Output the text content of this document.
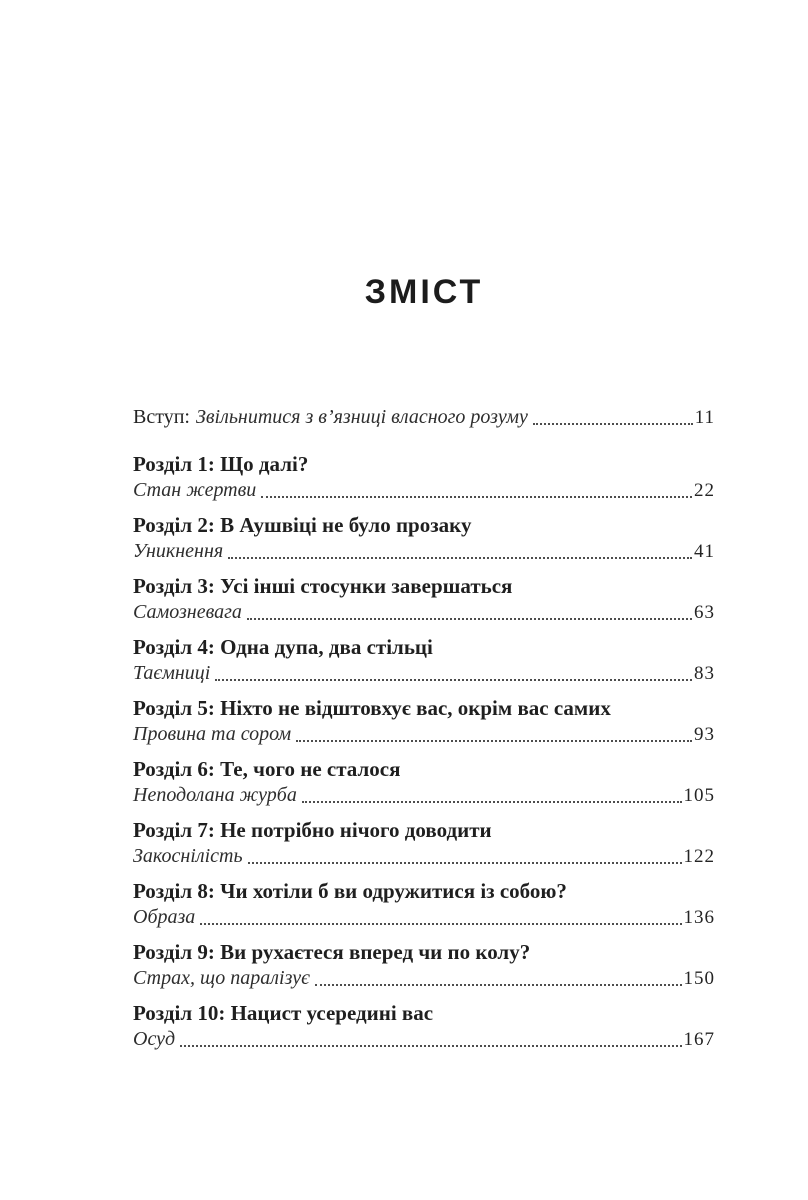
ЗМІСТ
Вступ: Звільнитися з в’язниці власного розуму	11
Розділ 1: Що далі?
Стан жертви	22
Розділ 2: В Аушвіці не було прозаку
Уникнення	41
Розділ 3: Усі інші стосунки завершаться
Самозневага	63
Розділ 4: Одна дупа, два стільці
Таємниці	83
Розділ 5: Ніхто не відштовхує вас, окрім вас самих
Провина та сором	93
Розділ 6: Те, чого не сталося
Неподолана журба	105
Розділ 7: Не потрібно нічого доводити
Закоснілість	122
Розділ 8: Чи хотіли б ви одружитися із собою?
Образа	136
Розділ 9: Ви рухаєтеся вперед чи по колу?
Страх, що паралізує	150
Розділ 10: Нацист усередині вас
Осуд	167
